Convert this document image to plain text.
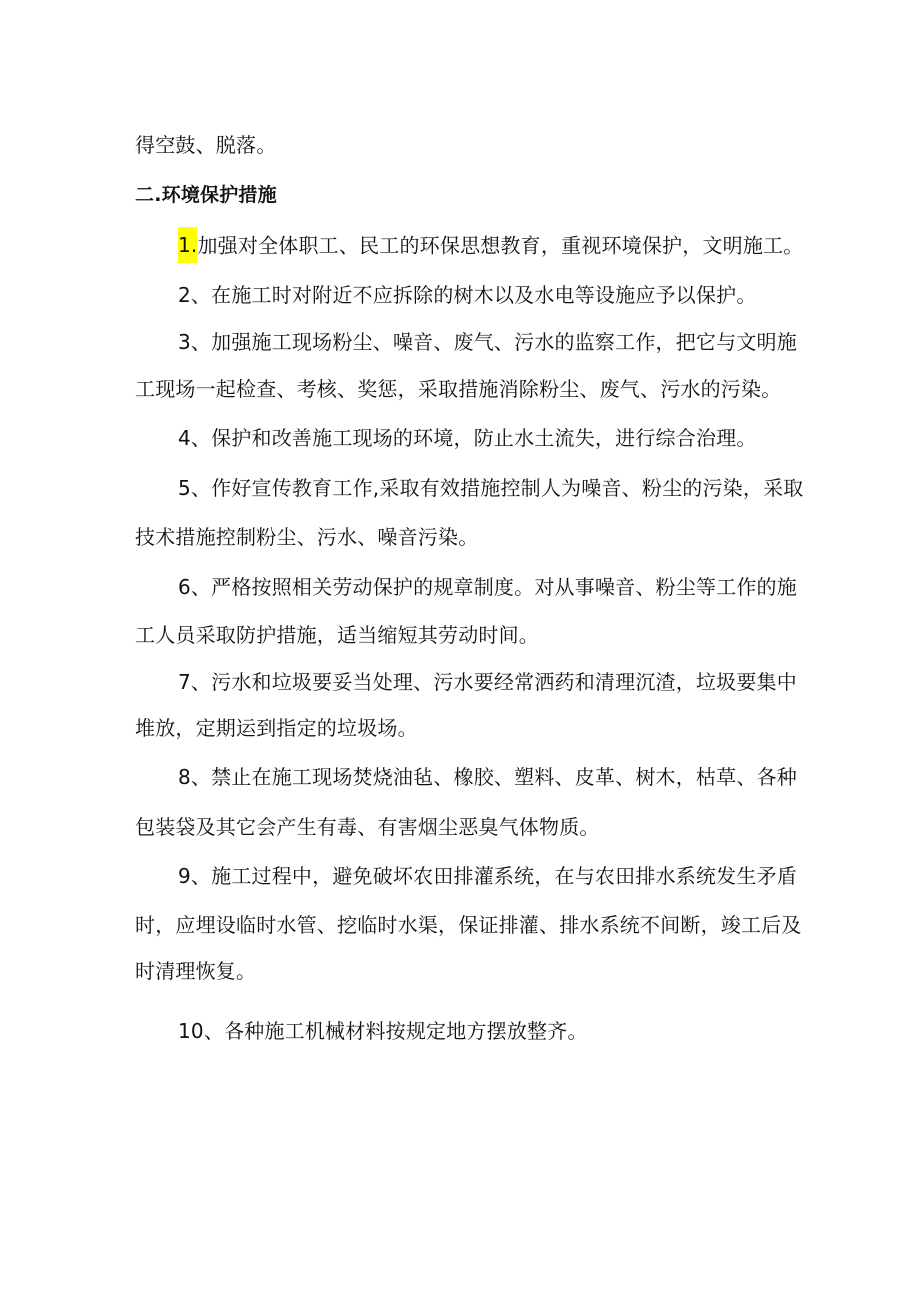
得空鼓、脱落。
二.环境保护措施
1.加强对全体职工、民工的环保思想教育，重视环境保护，文明施工。
2、在施工时对附近不应拆除的树木以及水电等设施应予以保护。
3、加强施工现场粉尘、噪音、废气、污水的监察工作，把它与文明施
工现场一起检查、考核、奖惩，采取措施消除粉尘、废气、污水的污染。
4、保护和改善施工现场的环境，防止水土流失，进行综合治理。
5、作好宣传教育工作,采取有效措施控制人为噪音、粉尘的污染，采取
技术措施控制粉尘、污水、噪音污染。
6、严格按照相关劳动保护的规章制度。对从事噪音、粉尘等工作的施
工人员采取防护措施，适当缩短其劳动时间。
7、污水和垃圾要妥当处理、污水要经常洒药和清理沉渣，垃圾要集中
堆放，定期运到指定的垃圾场。
8、禁止在施工现场焚烧油毡、橡胶、塑料、皮革、树木，枯草、各种
包装袋及其它会产生有毒、有害烟尘恶臭气体物质。
9、施工过程中，避免破坏农田排灌系统，在与农田排水系统发生矛盾
时，应埋设临时水管、挖临时水渠，保证排灌、排水系统不间断，竣工后及
时清理恢复。
10、各种施工机械材料按规定地方摆放整齐。
